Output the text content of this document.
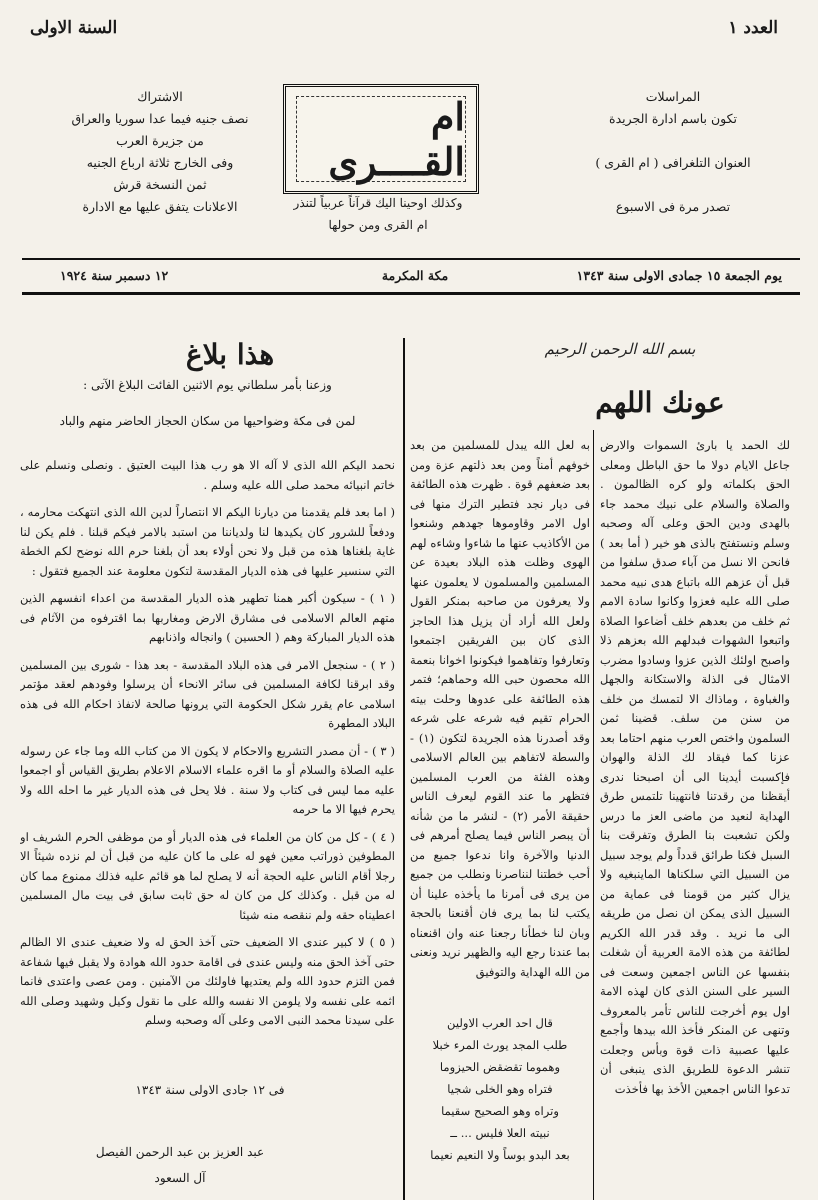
العدد ١
السنة الاولى
المراسلات
تكون باسم ادارة الجريدة
العنوان التلغرافى ( ام القرى )
تصدر مرة فى الاسبوع
ام القــــرى
وكذلك اوحينا اليك قرآناً عربياً لتنذر
ام القرى ومن حولها
الاشتراك
نصف جنيه فيما عدا سوريا والعراق
من جزيرة العرب
وفى الخارج ثلاثة ارباع الجنيه
ثمن النسخة قرش
الاعلانات يتفق عليها مع الادارة
يوم الجمعة ١٥ جمادى الاولى سنة ١٣٤٣
مكة المكرمة
١٢ دسمبر سنة ١٩٢٤
بسم الله الرحمن الرحيم
عونك اللهم

لك الحمد يا بارئ السموات والارض جاعل الايام دولا ما حق الباطل ومعلى الحق بكلماته ولو كره الظالمون . والصلاة والسلام على نبيك محمد جاء بالهدى ودين الحق وعلى آله وصحبه وسلم ونستفتح بالذى هو خير ( أما بعد ) فانحن الا نسل من آباء صدق سلفوا من قبل أن عزهم الله باتباع هدى نبيه محمد صلى الله عليه فعزوا وكانوا سادة الامم ثم خلف من بعدهم خلف أضاعوا الصلاة واتبعوا الشهوات فبدلهم الله بعزهم ذلا واصبح اولئك الذين عزوا وسادوا مضرب الامثال فى الذلة والاستكانة والجهل والغباوة ، وماذاك الا لتمسك من خلف من سنن من سلف. قضينا ثمن السلمون واختص العرب منهم احتاما بعد عزنا كما فيقاد لك الذلة والهوان فإكسبت أيدينا الى أن اصبحنا ندرى أيقظنا من رقدتنا فانتهينا تلتمس طرق الهداية لنعيد من ماضى العز ما درس ولكن تشعبت بنا الطرق وتفرقت بنا السبل فكنا طرائق قدداً ولم يوجد سبيل من السبيل التي سلكناها الماينبغيه ولا يزال كثير من قومنا فى عماية من السبيل الذى يمكن ان نصل من طريقه الى ما نريد . وقد قدر الله الكريم لطائفة من هذه الامة العربية أن شغلت بنفسها عن الناس اجمعين وسعت فى السير على السنن الذى كان لهذه الامة اول يوم أخرجت للناس تأمر بالمعروف وتنهى عن المنكر فأخذ الله بيدها وأجمع عليها عصبية ذات قوة وبأس وجعلت تنشر الدعوة للطريق الذى ينبغى أن تدعوا الناس اجمعين الأخذ بها فأخذت

به لعل الله يبدل للمسلمين من بعد خوفهم أمناً ومن بعد ذلتهم عزة ومن بعد ضعفهم قوة . ظهرت هذه الطائفة فى ديار نجد فتطير الترك منها فى اول الامر وقاوموها جهدهم وشنعوا من الأكاذيب عنها ما شاءوا وشاءه لهم الهوى وظلت هذه البلاد بعيدة عن المسلمين والمسلمون لا يعلمون عنها ولا يعرفون من صاحبه بمنكر القول ولعل الله أراد أن يزيل هذا الحاجز الذى كان بين الفريقين اجتمعوا وتعارفوا وتفاهموا فيكونوا اخوانا بنعمة الله محصون حبى الله وحماهم؛ فتمر هذه الطائفة على عدوها وحلت بيته الحرام تقيم فيه شرعه على شرعه وقد أصدرنا هذه الجريدة لتكون (١) - والسطة لاتفاهم بين العالم الاسلامى وهذه الفئة من العرب المسلمين فتظهر ما عند القوم ليعرف الناس حقيقة الأمر (٢) - لنشر ما من شأنه أن يبصر الناس فيما يصلح أمرهم فى الدنيا والآخرة وانا ندعوا جميع من أحب خطتنا لنناصرنا ونطلب من جميع من يرى فى أمرنا ما يأخذه علينا أن يكتب لنا بما يرى فان أقنعنا بالحجة وبان لنا خطأنا رجعنا عنه وان اقنعناه بما عندنا رجع اليه والظهير نريد ونعنى من الله الهداية والتوفيق

قال احد العرب الاولين
طلب المجد يورث المرء خبلا
وهموما تقضقض الحيزوما
فتراه وهو الخلى شجيا
وتراه وهو الصحيح سقيما
نبيته العلا فليس ... ــ
بعد البدو بوساً ولا النعيم نعيما
هذا بلاغ
وزعنا بأمر سلطاني يوم الاثنين الفائت البلاغ الآتى :
لمن فى مكة وضواحيها من سكان الحجاز الحاضر منهم والباد

نحمد اليكم الله الذى لا آله الا هو رب هذا البيت العتيق . ونصلى ونسلم على خاتم انبيائه محمد صلى الله عليه وسلم .

( اما بعد فلم يقدمنا من ديارنا اليكم الا انتصاراً لدين الله الذى انتهكت محارمه ، ودفعاً للشرور كان يكيدها لنا ولدياننا من استبد بالامر فيكم قبلنا . فلم يكن لنا غاية بلغناها هذه من قبل ولا نحن أولاء بعد أن بلغنا حرم الله نوضح لكم الخطة التي سنسير عليها فى هذه الديار المقدسة لتكون معلومة عند الجميع فتقول :

( ١ ) - سيكون أكبر همنا تطهير هذه الديار المقدسة من اعداء انفسهم الذين متهم العالم الاسلامى فى مشارق الارض ومغاربها بما اقترفوه من الآثام فى هذه الديار المباركة وهم ( الحسين ) وانجاله واذنابهم

( ٢ ) - سنجعل الامر فى هذه البلاد المقدسة - بعد هذا - شورى بين المسلمين وقد ابرقنا لكافة المسلمين فى سائر الانحاء أن يرسلوا وفودهم لعقد مؤتمر اسلامى عام يقرر شكل الحكومة التي يرونها صالحة لانفاذ احكام الله فى هذه البلاد المطهرة

( ٣ ) - أن مصدر التشريع والاحكام لا يكون الا من كتاب الله وما جاء عن رسوله عليه الصلاة والسلام أو ما اقره علماء الاسلام الاعلام بطريق القياس أو اجمعوا عليه مما ليس فى كتاب ولا سنة . فلا يحل فى هذه الديار غير ما احله الله ولا يحرم فيها الا ما حرمه

( ٤ ) - كل من كان من العلماء فى هذه الديار أو من موظفى الحرم الشريف او المطوفين ذوراتب معين فهو له على ما كان عليه من قبل أن لم نزده شيئاً الا رجلا أقام الناس عليه الحجة أنه لا يصلح لما هو قائم عليه فذلك ممنوع مما كان له من قبل . وكذلك كل من كان له حق ثابت سابق فى بيت مال المسلمين اعطيناه حقه ولم ننقصه منه شيئا

( ٥ ) لا كبير عندى الا الضعيف حتى آخذ الحق له ولا ضعيف عندى الا الظالم حتى آخذ الحق منه وليس عندى فى اقامة حدود الله هوادة ولا يقبل فيها شفاعة فمن التزم حدود الله ولم يعتديها فاولئك من الآمنين . ومن عصى واعتدى فانما اثمه على نفسه ولا يلومن الا نفسه والله على ما نقول وكيل وشهيد وصلى الله على سيدنا محمد النبى الامى وعلى آله وصحبه وسلم

فى ١٢ جادى الاولى سنة ١٣٤٣
عبد العزيز بن عبد الرحمن الفيصل
آل السعود
